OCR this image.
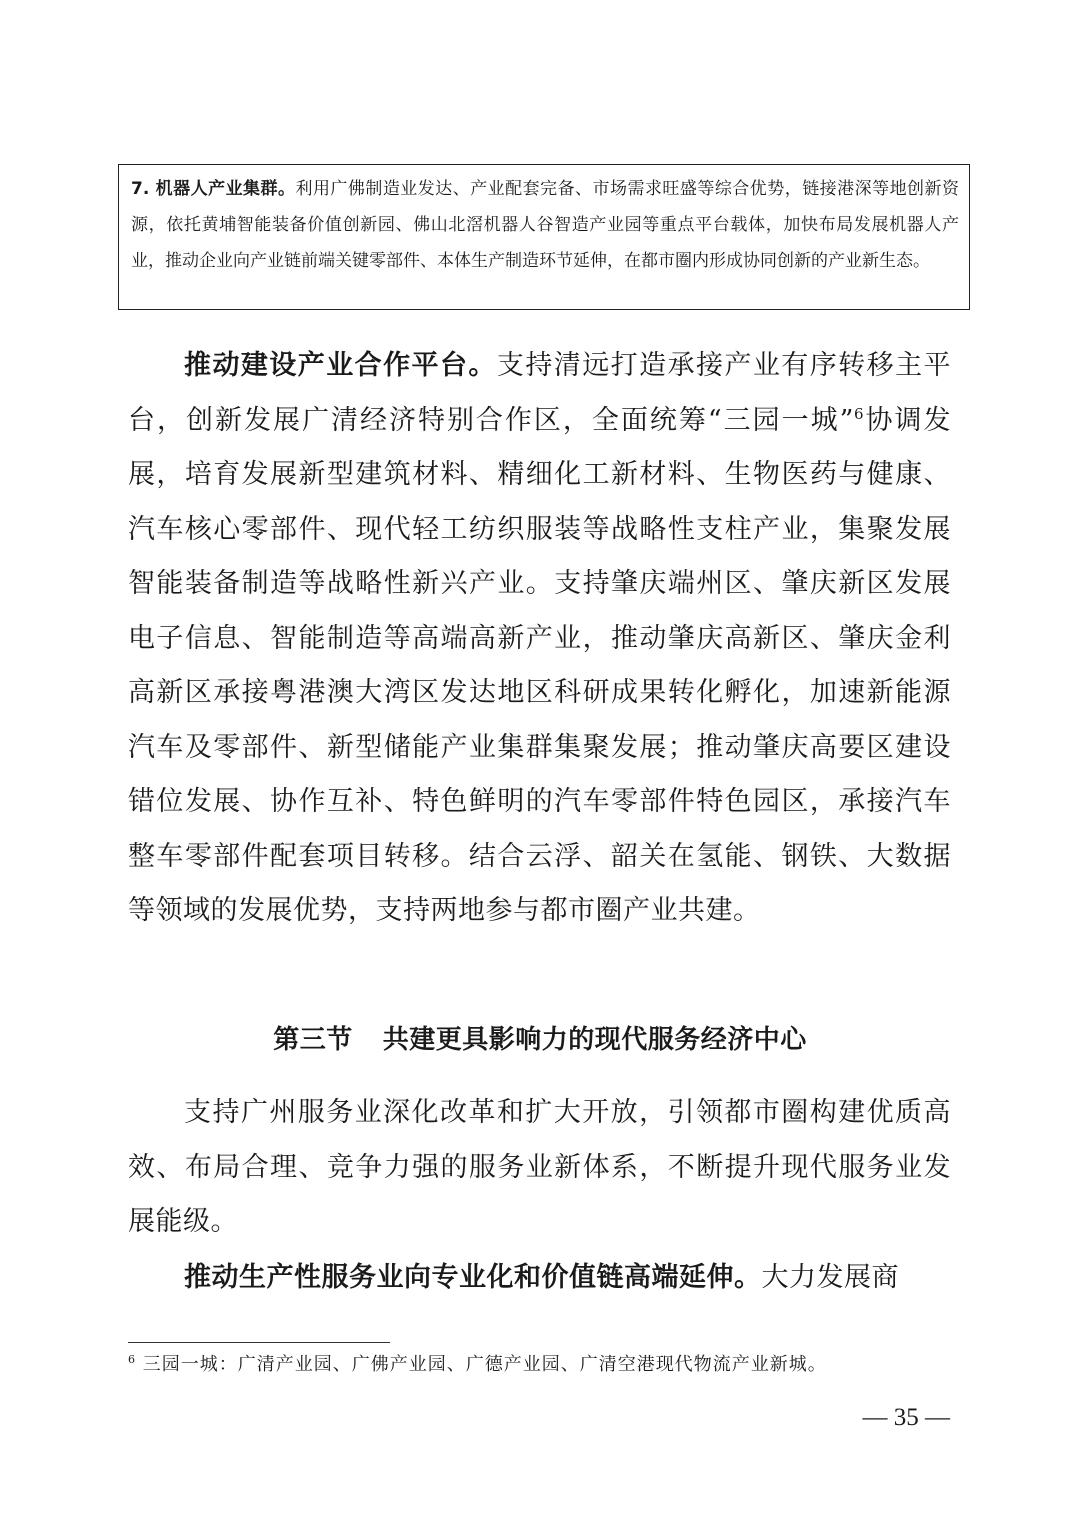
7. 机器人产业集群。利用广佛制造业发达、产业配套完备、市场需求旺盛等综合优势，链接港深等地创新资源，依托黄埔智能装备价值创新园、佛山北滘机器人谷智造产业园等重点平台载体，加快布局发展机器人产业，推动企业向产业链前端关键零部件、本体生产制造环节延伸，在都市圈内形成协同创新的产业新生态。

推动建设产业合作平台。支持清远打造承接产业有序转移主平台，创新发展广清经济特别合作区，全面统筹“三园一城”$^6$协调发展，培育发展新型建筑材料、精细化工新材料、生物医药与健康、汽车核心零部件、现代轻工纺织服装等战略性支柱产业，集聚发展智能装备制造等战略性新兴产业。支持肇庆端州区、肇庆新区发展电子信息、智能制造等高端高新产业，推动肇庆高新区、肇庆金利高新区承接粤港澳大湾区发达地区科研成果转化孵化，加速新能源汽车及零部件、新型储能产业集群集聚发展；推动肇庆高要区建设错位发展、协作互补、特色鲜明的汽车零部件特色园区，承接汽车整车零部件配套项目转移。结合云浮、韶关在氢能、钢铁、大数据等领域的发展优势，支持两地参与都市圈产业共建。

第三节 共建更具影响力的现代服务经济中心

支持广州服务业深化改革和扩大开放，引领都市圈构建优质高效、布局合理、竞争力强的服务业新体系，不断提升现代服务业发展能级。

推动生产性服务业向专业化和价值链高端延伸。大力发展商

$^6$ 三园一城：广清产业园、广佛产业园、广德产业园、广清空港现代物流产业新城。

— 35 —
